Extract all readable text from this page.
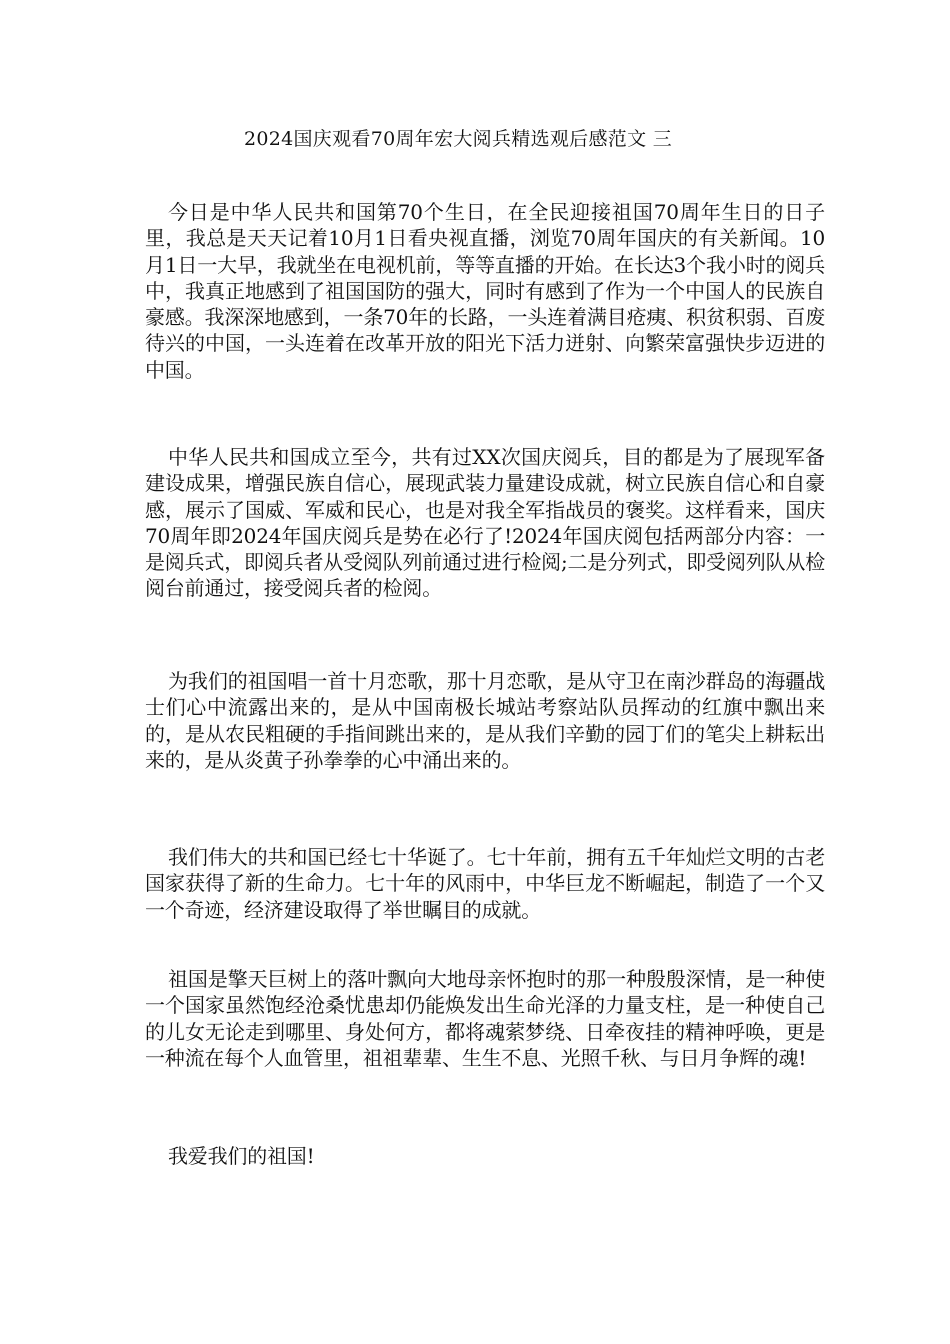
2024国庆观看70周年宏大阅兵精选观后感范文 三

今日是中华人民共和国第70个生日，在全民迎接祖国70周年生日的日子里，我总是天天记着10月1日看央视直播，浏览70周年国庆的有关新闻。10月1日一大早，我就坐在电视机前，等等直播的开始。在长达3个我小时的阅兵中，我真正地感到了祖国国防的强大，同时有感到了作为一个中国人的民族自豪感。我深深地感到，一条70年的长路，一头连着满目疮痍、积贫积弱、百废待兴的中国，一头连着在改革开放的阳光下活力迸射、向繁荣富强快步迈进的中国。

中华人民共和国成立至今，共有过XX次国庆阅兵，目的都是为了展现军备建设成果，增强民族自信心，展现武装力量建设成就，树立民族自信心和自豪感，展示了国威、军威和民心，也是对我全军指战员的褒奖。这样看来，国庆70周年即2024年国庆阅兵是势在必行了!2024年国庆阅包括两部分内容：一是阅兵式，即阅兵者从受阅队列前通过进行检阅;二是分列式，即受阅列队从检阅台前通过，接受阅兵者的检阅。

为我们的祖国唱一首十月恋歌，那十月恋歌，是从守卫在南沙群岛的海疆战士们心中流露出来的，是从中国南极长城站考察站队员挥动的红旗中飘出来的，是从农民粗硬的手指间跳出来的，是从我们辛勤的园丁们的笔尖上耕耘出来的，是从炎黄子孙拳拳的心中涌出来的。

我们伟大的共和国已经七十华诞了。七十年前，拥有五千年灿烂文明的古老国家获得了新的生命力。七十年的风雨中，中华巨龙不断崛起，制造了一个又一个奇迹，经济建设取得了举世瞩目的成就。

祖国是擎天巨树上的落叶飘向大地母亲怀抱时的那一种殷殷深情，是一种使一个国家虽然饱经沧桑忧患却仍能焕发出生命光泽的力量支柱，是一种使自己的儿女无论走到哪里、身处何方，都将魂萦梦绕、日牵夜挂的精神呼唤，更是一种流在每个人血管里，祖祖辈辈、生生不息、光照千秋、与日月争辉的魂!

我爱我们的祖国!
